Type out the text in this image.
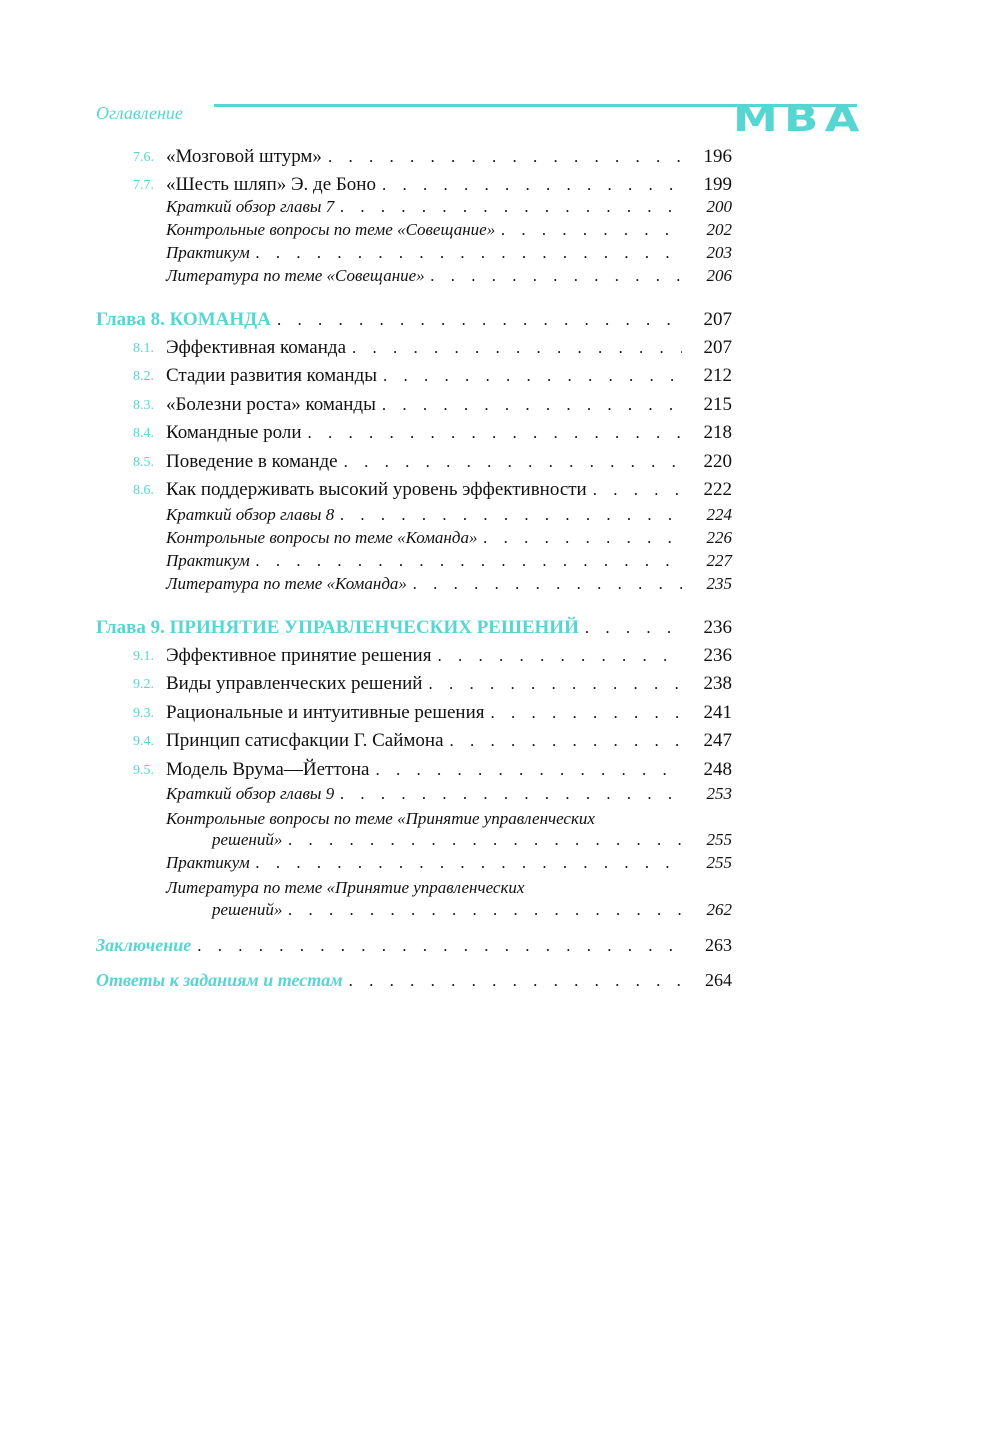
Оглавление	MBA
7.6. «Мозговой штурм» . . .	196
7.7. «Шесть шляп» Э. де Боно . . .	199
Краткий обзор главы 7 . . .	200
Контрольные вопросы по теме «Совещание» . . .	202
Практикум . . .	203
Литература по теме «Совещание» . . .	206
Глава 8. КОМАНДА . . .	207
8.1. Эффективная команда . . .	207
8.2. Стадии развития команды . . .	212
8.3. «Болезни роста» команды . . .	215
8.4. Командные роли . . .	218
8.5. Поведение в команде . . .	220
8.6. Как поддерживать высокий уровень эффективности . . .	222
Краткий обзор главы 8 . . .	224
Контрольные вопросы по теме «Команда» . . .	226
Практикум . . .	227
Литература по теме «Команда» . . .	235
Глава 9. ПРИНЯТИЕ УПРАВЛЕНЧЕСКИХ РЕШЕНИЙ . . .	236
9.1. Эффективное принятие решения . . .	236
9.2. Виды управленческих решений . . .	238
9.3. Рациональные и интуитивные решения . . .	241
9.4. Принцип сатисфакции Г. Саймона . . .	247
9.5. Модель Врума—Йеттона . . .	248
Краткий обзор главы 9 . . .	253
Контрольные вопросы по теме «Принятие управленческих
решений» . . .	255
Практикум . . .	255
Литература по теме «Принятие управленческих
решений» . . .	262
Заключение . . .	263
Ответы к заданиям и тестам . . .	264
